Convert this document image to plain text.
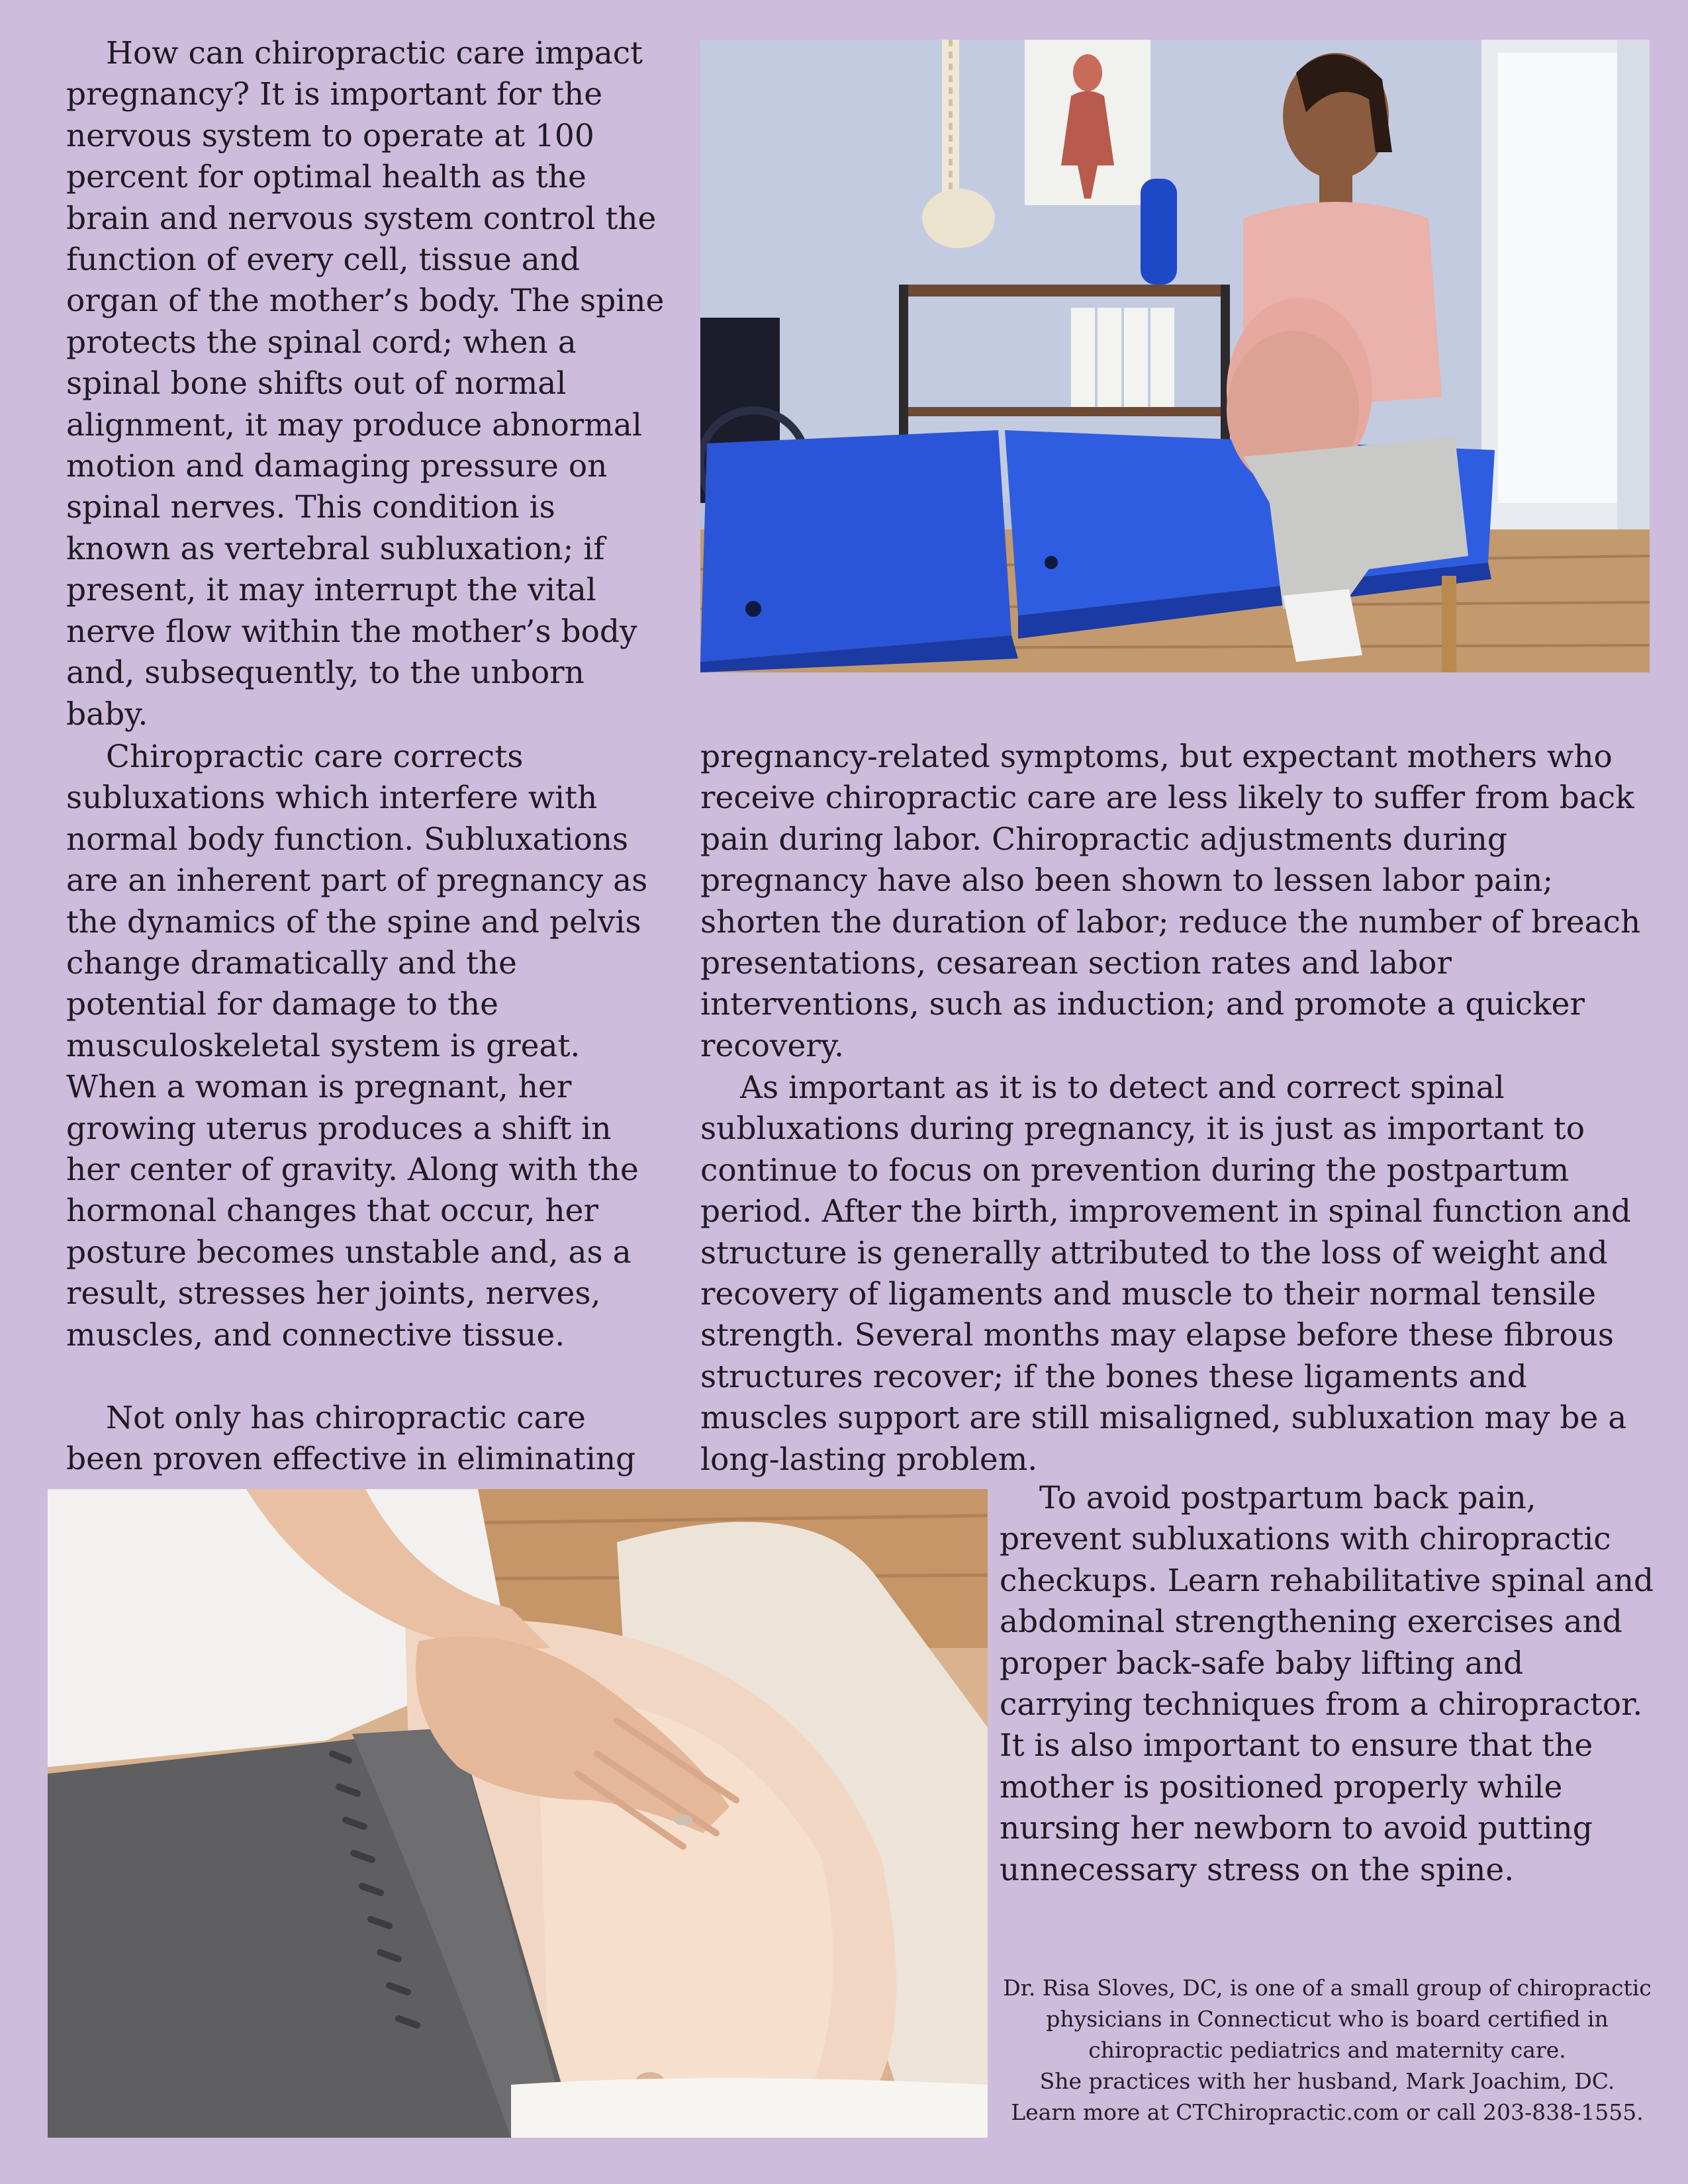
How can chiropractic care impact pregnancy? It is important for the nervous system to operate at 100 percent for optimal health as the brain and nervous system control the function of every cell, tissue and organ of the mother’s body. The spine protects the spinal cord; when a spinal bone shifts out of normal alignment, it may produce abnormal motion and damaging pressure on spinal nerves. This condition is known as vertebral subluxation; if present, it may interrupt the vital nerve flow within the mother’s body and, subsequently, to the unborn baby.

Chiropractic care corrects subluxations which interfere with normal body function. Subluxations are an inherent part of pregnancy as the dynamics of the spine and pelvis change dramatically and the potential for damage to the musculoskeletal system is great. When a woman is pregnant, her growing uterus produces a shift in her center of gravity. Along with the hormonal changes that occur, her posture becomes unstable and, as a result, stresses her joints, nerves, muscles, and connective tissue.

Not only has chiropractic care been proven effective in eliminating

pregnancy-related symptoms, but expectant mothers who receive chiropractic care are less likely to suffer from back pain during labor. Chiropractic adjustments during pregnancy have also been shown to lessen labor pain; shorten the duration of labor; reduce the number of breach presentations, cesarean section rates and labor interventions, such as induction; and promote a quicker recovery.

As important as it is to detect and correct spinal subluxations during pregnancy, it is just as important to continue to focus on prevention during the postpartum period. After the birth, improvement in spinal function and structure is generally attributed to the loss of weight and recovery of ligaments and muscle to their normal tensile strength. Several months may elapse before these fibrous structures recover; if the bones these ligaments and muscles support are still misaligned, subluxation may be a long-lasting problem.

To avoid postpartum back pain, prevent subluxations with chiropractic checkups. Learn rehabilitative spinal and abdominal strengthening exercises and proper back-safe baby lifting and carrying techniques from a chiropractor. It is also important to ensure that the mother is positioned properly while nursing her newborn to avoid putting unnecessary stress on the spine.

Dr. Risa Sloves, DC, is one of a small group of chiropractic
physicians in Connecticut who is board certified in
chiropractic pediatrics and maternity care.
She practices with her husband, Mark Joachim, DC.
Learn more at CTChiropractic.com or call 203-838-1555.
